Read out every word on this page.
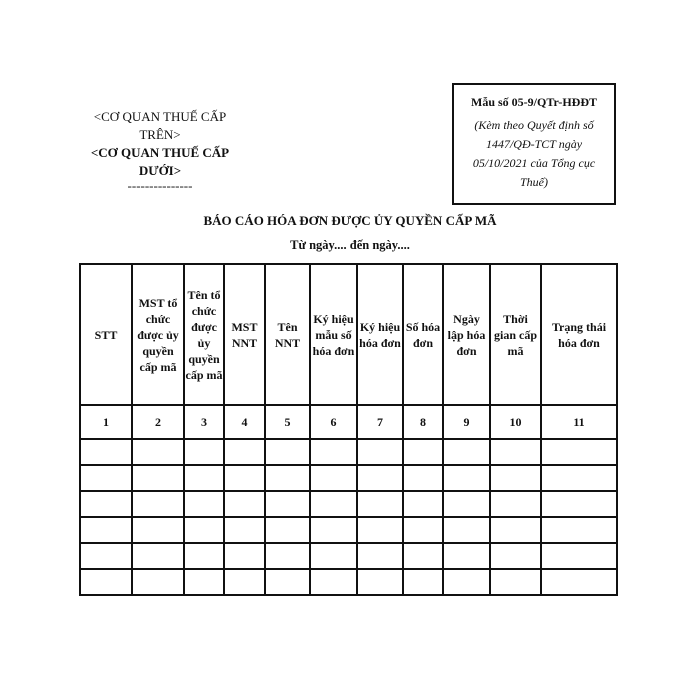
<CƠ QUAN THUẾ CẤP TRÊN>
<CƠ QUAN THUẾ CẤP DƯỚI>
---------------
Mẫu số 05-9/QTr-HĐĐT
(Kèm theo Quyết định số 1447/QĐ-TCT ngày 05/10/2021 của Tổng cục Thuế)
BÁO CÁO HÓA ĐƠN ĐƯỢC ỦY QUYỀN CẤP MÃ
Từ ngày.... đến ngày....
STT	MST tổ chức được ủy quyền cấp mã	Tên tổ chức được ủy quyền cấp mã	MST NNT	Tên NNT	Ký hiệu mẫu số hóa đơn	Ký hiệu hóa đơn	Số hóa đơn	Ngày lập hóa đơn	Thời gian cấp mã	Trạng thái hóa đơn
1	2	3	4	5	6	7	8	9	10	11
